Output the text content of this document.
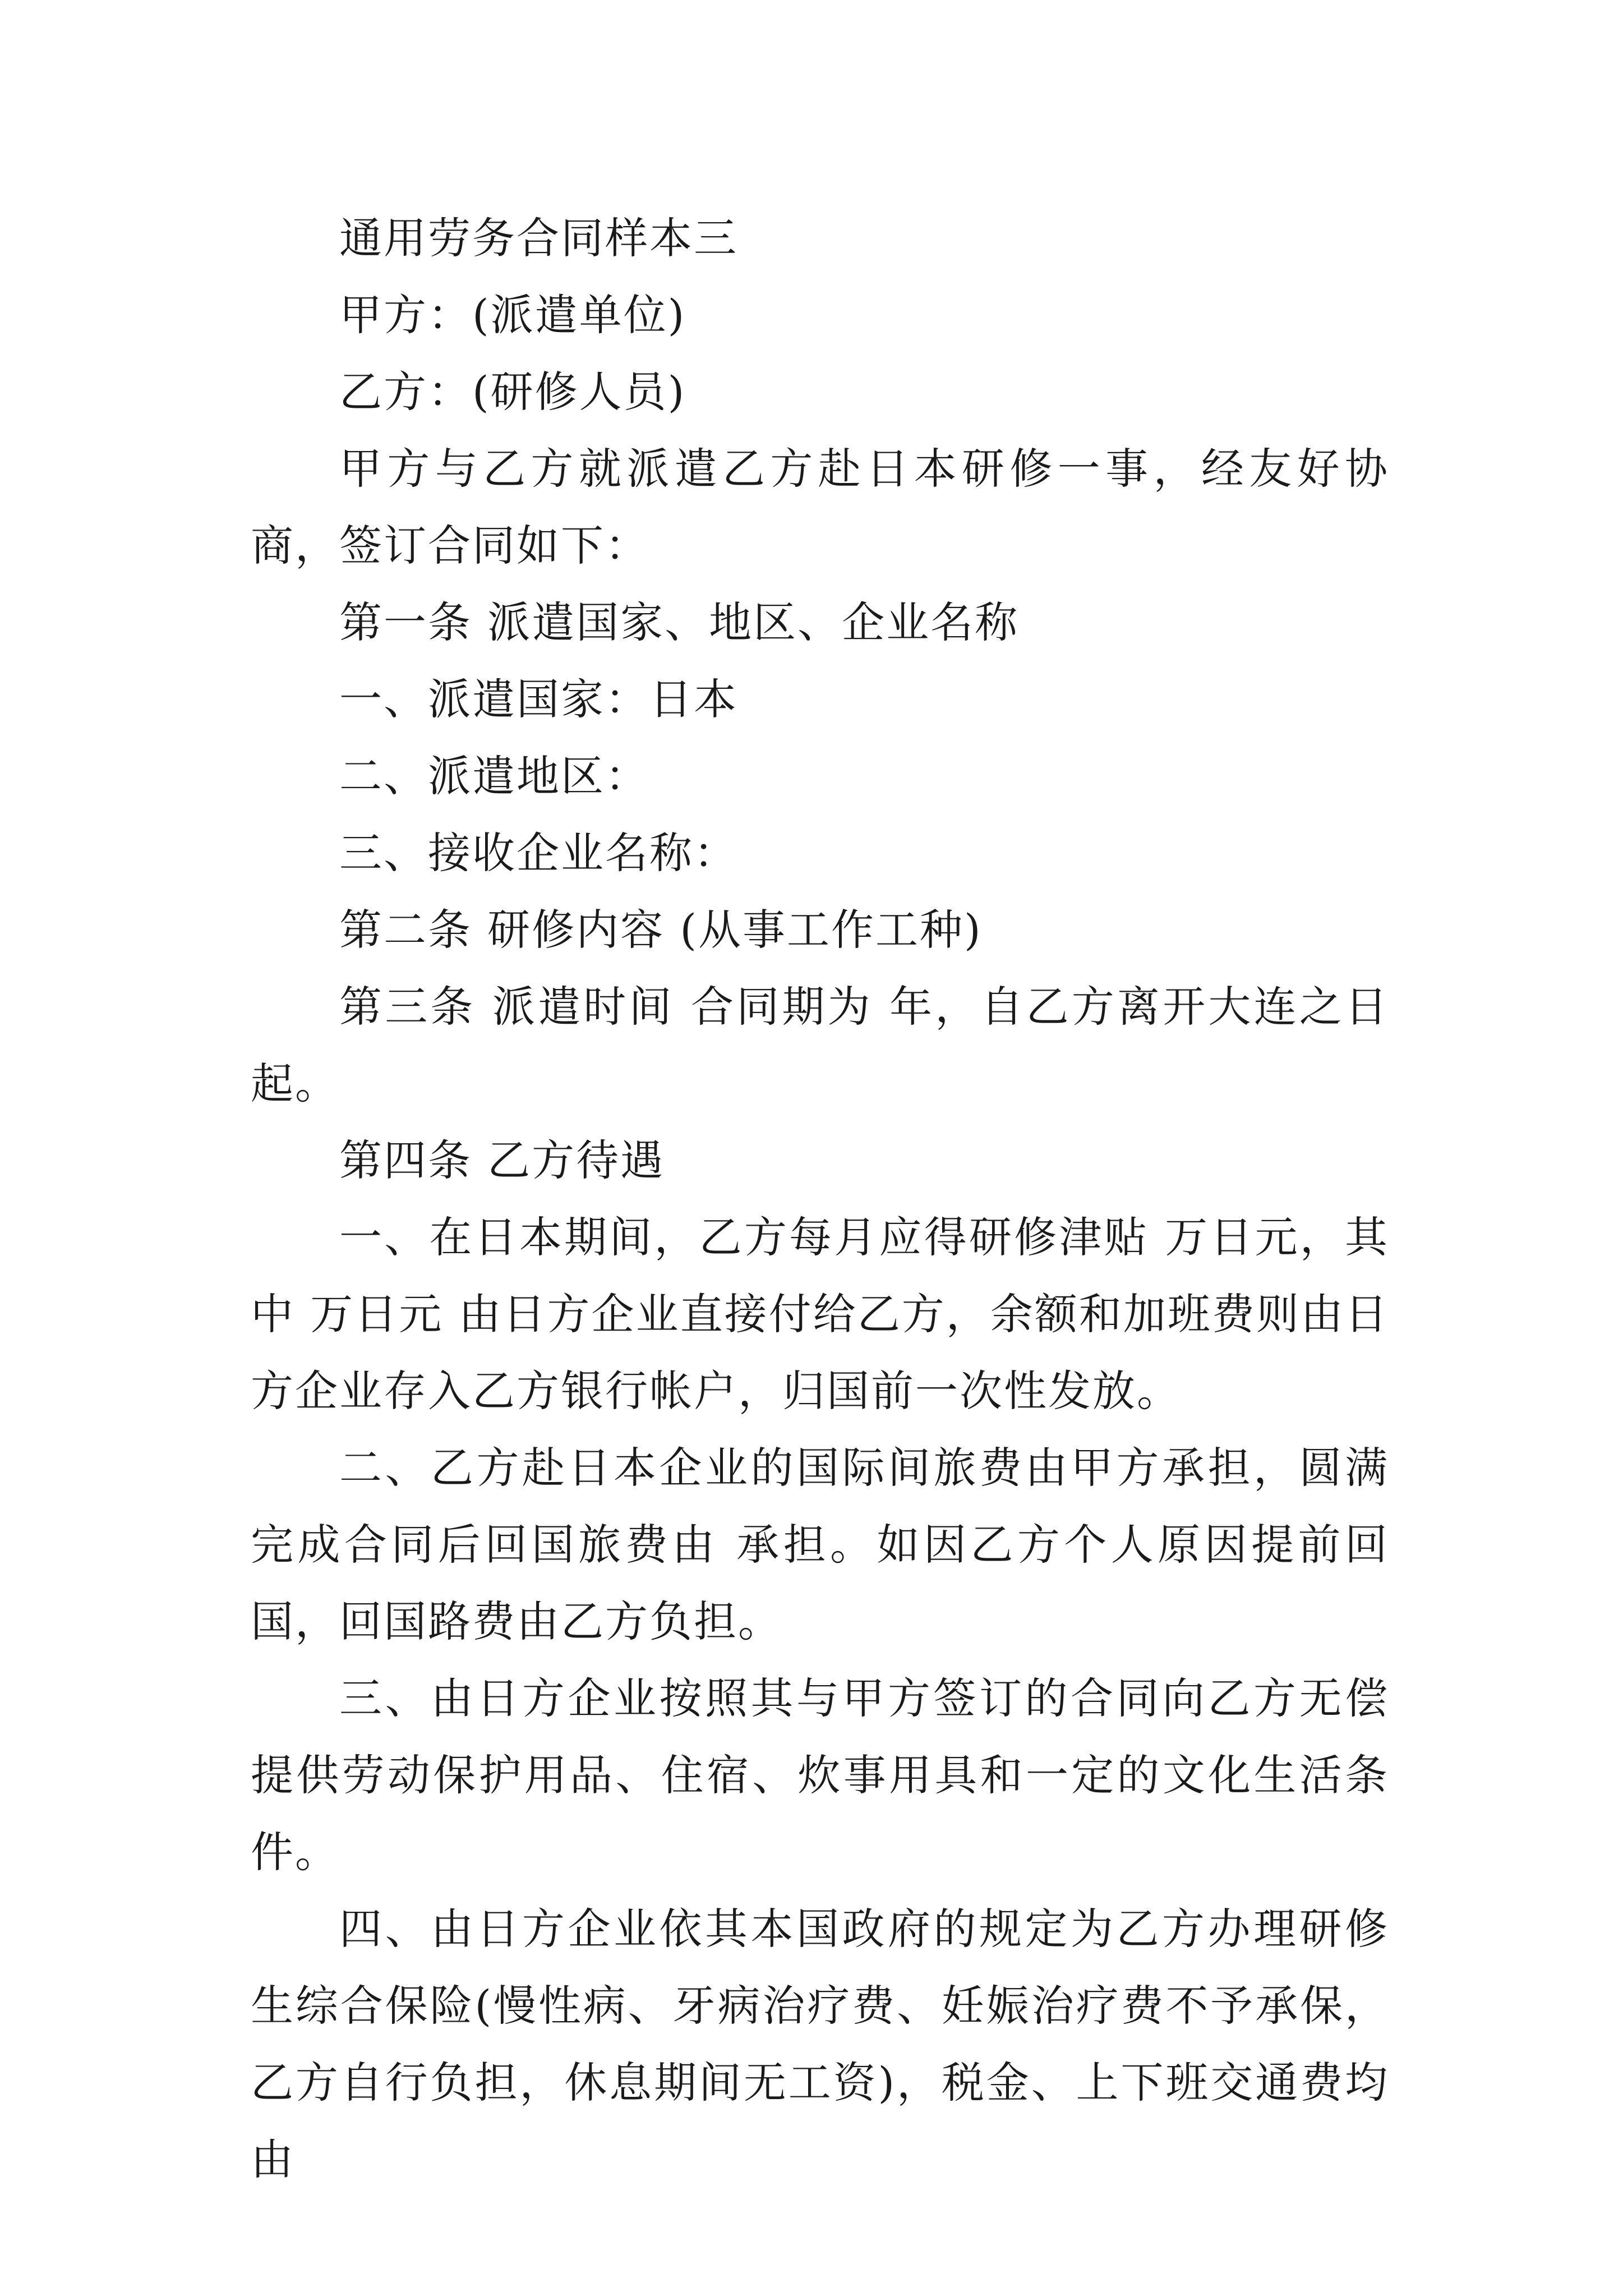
通用劳务合同样本三

甲方：(派遣单位)

乙方：(研修人员)

甲方与乙方就派遣乙方赴日本研修一事，经友好协商，签订合同如下：

第一条 派遣国家、地区、企业名称

一、派遣国家：日本

二、派遣地区：

三、接收企业名称：

第二条 研修内容 (从事工作工种)

第三条 派遣时间 合同期为 年，自乙方离开大连之日起。

第四条 乙方待遇

一、在日本期间，乙方每月应得研修津贴 万日元，其中 万日元 由日方企业直接付给乙方，余额和加班费则由日方企业存入乙方银行帐户，归国前一次性发放。

二、乙方赴日本企业的国际间旅费由甲方承担，圆满完成合同后回国旅费由 承担。如因乙方个人原因提前回国，回国路费由乙方负担。

三、由日方企业按照其与甲方签订的合同向乙方无偿提供劳动保护用品、住宿、炊事用具和一定的文化生活条件。

四、由日方企业依其本国政府的规定为乙方办理研修生综合保险(慢性病、牙病治疗费、妊娠治疗费不予承保，乙方自行负担，休息期间无工资)，税金、上下班交通费均由
